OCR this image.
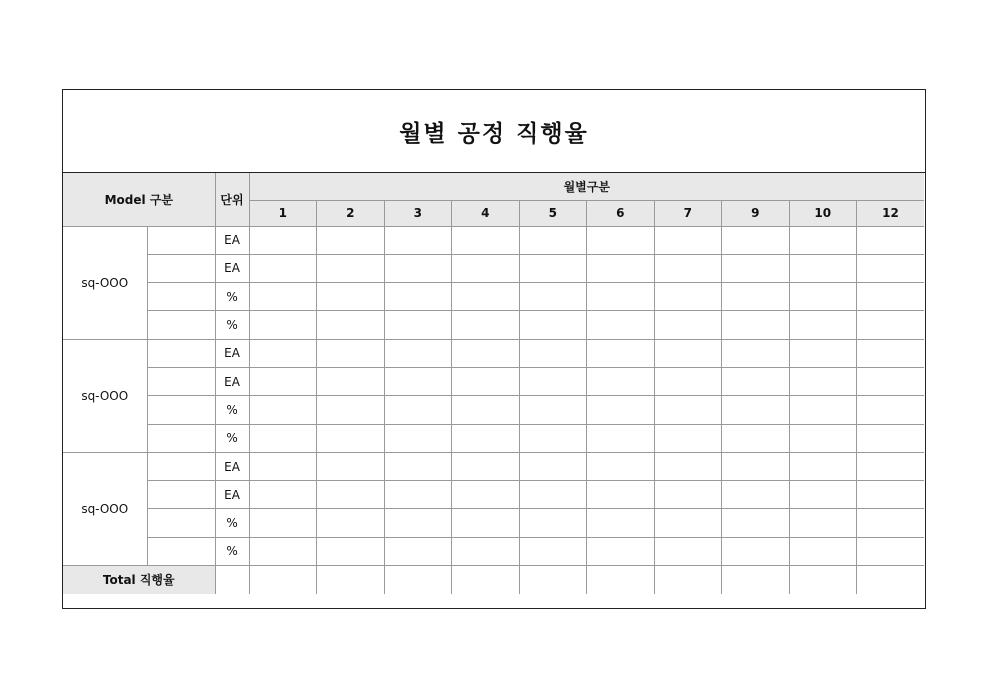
월별 공정 직행율
Model 구분		단위	월별구분									
			1	2	3	4	5	6	7	9	10	12
sq-OOO		EA										
		EA										
		%										
		%										
sq-OOO		EA										
		EA										
		%										
		%										
sq-OOO		EA										
		EA										
		%										
		%										
Total 직행율												
